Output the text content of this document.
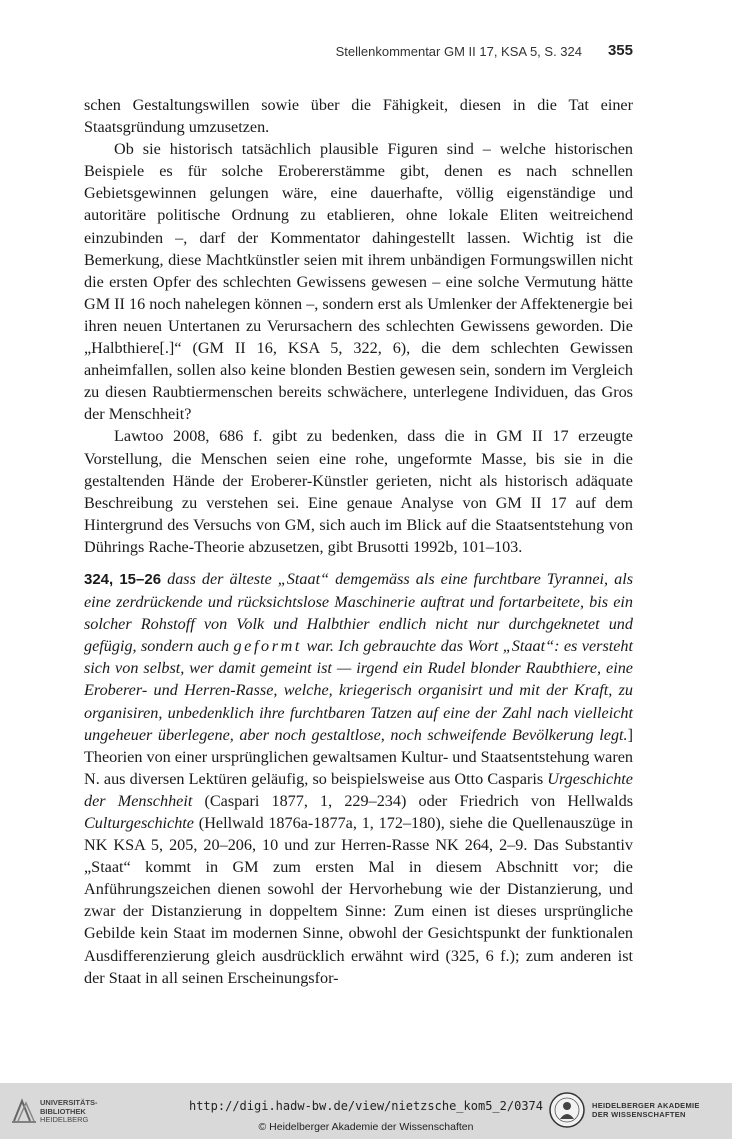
Stellenkommentar GM II 17, KSA 5, S. 324 355

schen Gestaltungswillen sowie über die Fähigkeit, diesen in die Tat einer Staatsgründung umzusetzen.

Ob sie historisch tatsächlich plausible Figuren sind – welche historischen Beispiele es für solche Erobererstämme gibt, denen es nach schnellen Gebietsgewinnen gelungen wäre, eine dauerhafte, völlig eigenständige und autoritäre politische Ordnung zu etablieren, ohne lokale Eliten weitreichend einzubinden –, darf der Kommentator dahingestellt lassen. Wichtig ist die Bemerkung, diese Machtkünstler seien mit ihrem unbändigen Formungswillen nicht die ersten Opfer des schlechten Gewissens gewesen – eine solche Vermutung hätte GM II 16 noch nahelegen können –, sondern erst als Umlenker der Affektenergie bei ihren neuen Untertanen zu Verursachern des schlechten Gewissens geworden. Die „Halbthiere[.]“ (GM II 16, KSA 5, 322, 6), die dem schlechten Gewissen anheimfallen, sollen also keine blonden Bestien gewesen sein, sondern im Vergleich zu diesen Raubtiermenschen bereits schwächere, unterlegene Individuen, das Gros der Menschheit?

Lawtoo 2008, 686 f. gibt zu bedenken, dass die in GM II 17 erzeugte Vorstellung, die Menschen seien eine rohe, ungeformte Masse, bis sie in die gestaltenden Hände der Eroberer-Künstler gerieten, nicht als historisch adäquate Beschreibung zu verstehen sei. Eine genaue Analyse von GM II 17 auf dem Hintergrund des Versuchs von GM, sich auch im Blick auf die Staatsentstehung von Dührings Rache-Theorie abzusetzen, gibt Brusotti 1992b, 101–103.

324, 15–26 dass der älteste „Staat“ demgemäss als eine furchtbare Tyrannei, als eine zerdrückende und rücksichtslose Maschinerie auftrat und fortarbeitete, bis ein solcher Rohstoff von Volk und Halbthier endlich nicht nur durchgeknetet und gefügig, sondern auch geformt war. Ich gebrauchte das Wort „Staat“: es versteht sich von selbst, wer damit gemeint ist — irgend ein Rudel blonder Raubthiere, eine Eroberer- und Herren-Rasse, welche, kriegerisch organisirt und mit der Kraft, zu organisiren, unbedenklich ihre furchtbaren Tatzen auf eine der Zahl nach vielleicht ungeheuer überlegene, aber noch gestaltlose, noch schweifende Bevölkerung legt.] Theorien von einer ursprünglichen gewaltsamen Kultur- und Staatsentstehung waren N. aus diversen Lektüren geläufig, so beispielsweise aus Otto Casparis Urgeschichte der Menschheit (Caspari 1877, 1, 229–234) oder Friedrich von Hellwalds Culturgeschichte (Hellwald 1876a-1877a, 1, 172–180), siehe die Quellenauszüge in NK KSA 5, 205, 20–206, 10 und zur Herren-Rasse NK 264, 2–9. Das Substantiv „Staat“ kommt in GM zum ersten Mal in diesem Abschnitt vor; die Anführungszeichen dienen sowohl der Hervorhebung wie der Distanzierung, und zwar der Distanzierung in doppeltem Sinne: Zum einen ist dieses ursprüngliche Gebilde kein Staat im modernen Sinne, obwohl der Gesichtspunkt der funktionalen Ausdifferenzierung gleich ausdrücklich erwähnt wird (325, 6 f.); zum anderen ist der Staat in all seinen Erscheinungsfor-

UNIVERSITÄTS-
BIBLIOTHEK
HEIDELBERG
http://digi.hadw-bw.de/view/nietzsche_kom5_2/0374
© Heidelberger Akademie der Wissenschaften
HEIDELBERGER AKADEMIE
DER WISSENSCHAFTEN
